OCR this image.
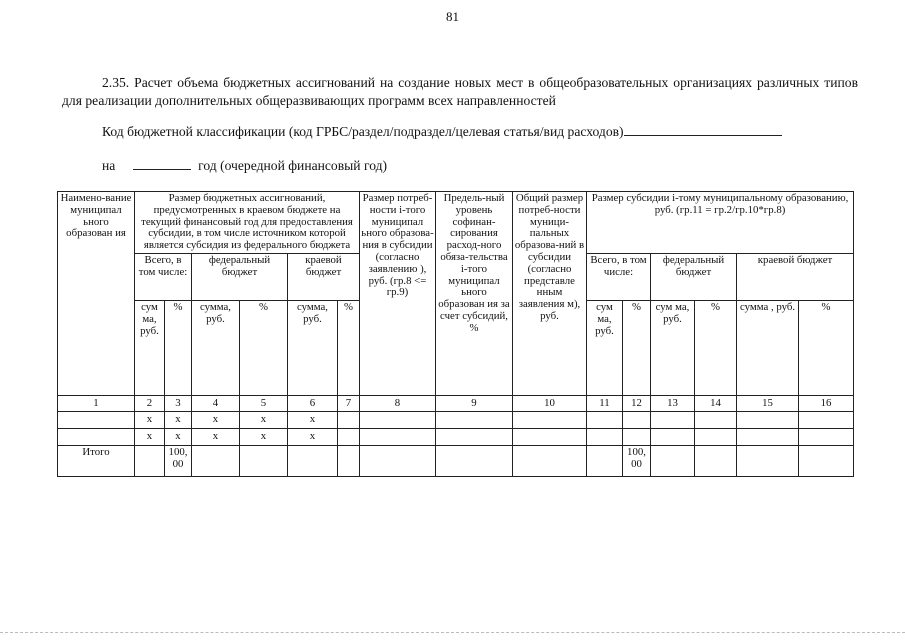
81
2.35. Расчет объема бюджетных ассигнований на создание новых мест в общеобразовательных организациях различных типов для реализации дополнительных общеразвивающих программ всех направленностей
Код бюджетной классификации (код ГРБС/раздел/подраздел/целевая статья/вид расходов)
на	год (очередной финансовый год)
Наимено-вание муниципал ьного образован ия	Размер бюджетных ассигнований, предусмотренных в краевом бюджете на текущий финансовый год для предоставления субсидии, в том числе источником которой является субсидия из федерального бюджета						Размер потреб-ности i-того муниципал ьного образова-ния в субсидии (согласно заявлению ), руб. (гр.8 <= гр.9)	Предель-ный уровень софинан-сирования расход-ного обяза-тельства i-того муниципал ьного образован ия за счет субсидий, %	Общий размер потреб-ности муници-пальных образова-ний в субсидии (согласно представле нным заявления м), руб.	Размер субсидии i-тому муниципальному образованию, руб. (гр.11 = гр.2/гр.10*гр.8)					
	Всего, в том числе:		федеральный бюджет		краевой бюджет					Всего, в том числе:		федеральный бюджет		краевой бюджет	
	сум ма, руб.	%	сумма, руб.	%	сумма, руб.	%				сум ма, руб.	%	сум ма, руб.	%	сумма , руб.	%
1	2	3	4	5	6	7	8	9	10	11	12	13	14	15	16
	х	х	х	х	х										
	х	х	х	х	х										
Итого		100, 00									100, 00				
